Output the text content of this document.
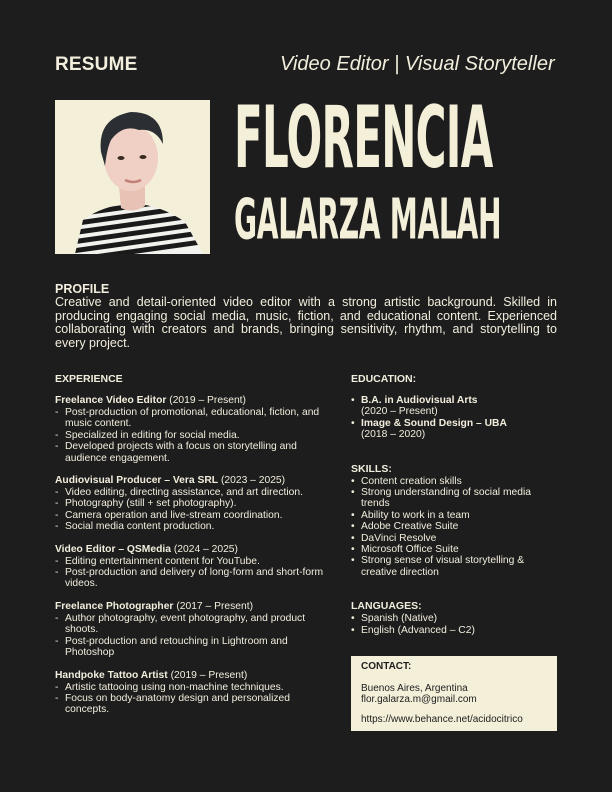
RESUME	Video Editor | Visual Storyteller
FLORENCIA
GALARZA MALAH

PROFILE

Creative and detail-oriented video editor with a strong artistic background. Skilled in producing engaging social media, music, fiction, and educational content. Experienced collaborating with creators and brands, bringing sensitivity, rhythm, and storytelling to every project.

EXPERIENCE

Freelance Video Editor (2019 – Present)
- Post-production of promotional, educational, fiction, and music content.
- Specialized in editing for social media.
- Developed projects with a focus on storytelling and audience engagement.
Audiovisual Producer – Vera SRL (2023 – 2025)
- Video editing, directing assistance, and art direction.
- Photography (still + set photography).
- Camera operation and live-stream coordination.
- Social media content production.
Video Editor – QSMedia (2024 – 2025)
- Editing entertainment content for YouTube.
- Post-production and delivery of long-form and short-form videos.
Freelance Photographer (2017 – Present)
- Author photography, event photography, and product shoots.
- Post-production and retouching in Lightroom and Photoshop
Handpoke Tattoo Artist (2019 – Present)
- Artistic tattooing using non-machine techniques.
- Focus on body-anatomy design and personalized concepts.

EDUCATION:

• B.A. in Audiovisual Arts
(2020 – Present)
• Image & Sound Design – UBA
(2018 – 2020)

SKILLS:

• Content creation skills
• Strong understanding of social media trends
• Ability to work in a team
• Adobe Creative Suite
• DaVinci Resolve
• Microsoft Office Suite
• Strong sense of visual storytelling & creative direction

LANGUAGES:

• Spanish (Native)
• English (Advanced – C2)
CONTACT:
Buenos Aires, Argentina
flor.galarza.m@gmail.com
https://www.behance.net/acidocitrico
